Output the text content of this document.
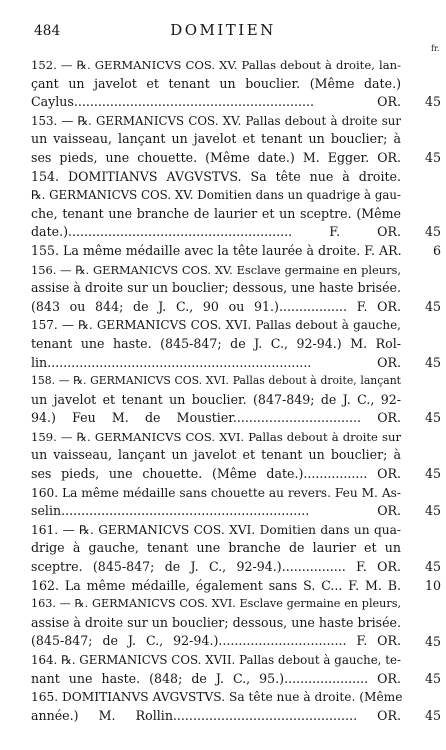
484	DOMITIEN
fr.
152. — ℞. GERMANICVS COS. XV. Pallas debout à droite, lan-
çant un javelot et tenant un bouclier. (Même date.)
Caylus............................................................ OR.
153. — ℞. GERMANICVS COS. XV. Pallas debout à droite sur
un vaisseau, lançant un javelot et tenant un bouclier; à
ses pieds, une chouette. (Même date.) M. Egger. OR.
154. DOMITIANVS AVGVSTVS. Sa tête nue à droite.
℞. GERMANICVS COS. XV. Domitien dans un quadrige à gau-
che, tenant une branche de laurier et un sceptre. (Même
date.)........................................................ F. OR.
155. La même médaille avec la tête laurée à droite. F. AR.
156. — ℞. GERMANICVS COS. XV. Esclave germaine en pleurs,
assise à droite sur un bouclier; dessous, une haste brisée.
(843 ou 844; de J. C., 90 ou 91.)................. F. OR.
157. — ℞. GERMANICVS COS. XVI. Pallas debout à gauche,
tenant une haste. (845-847; de J. C., 92-94.) M. Rol-
lin.................................................................. OR.
158. — ℞. GERMANICVS COS. XVI. Pallas debout à droite, lançant
un javelot et tenant un bouclier. (847-849; de J. C., 92-
94.) Feu M. de Moustier................................ OR.
159. — ℞. GERMANICVS COS. XVI. Pallas debout à droite sur
un vaisseau, lançant un javelot et tenant un bouclier; à
ses pieds, une chouette. (Même date.)................ OR.
160. La même médaille sans chouette au revers. Feu M. As-
selin.............................................................. OR.
161. — ℞. GERMANICVS COS. XVI. Domitien dans un qua-
drige à gauche, tenant une branche de laurier et un
sceptre. (845-847; de J. C., 92-94.)................ F. OR.
162. La même médaille, également sans S. C... F. M. B.
163. — ℞. GERMANICVS COS. XVI. Esclave germaine en pleurs,
assise à droite sur un bouclier; dessous, une haste brisée.
(845-847; de J. C., 92-94.)................................ F. OR.
164. ℞. GERMANICVS COS. XVII. Pallas debout à gauche, te-
nant une haste. (848; de J. C., 95.)..................... OR.
165. DOMITIANVS AVGVSTVS. Sa tête nue à droite. (Même
année.) M. Rollin.............................................. OR.
45
45
45
6
45
45
45
45
45
45
10
45
45
45
